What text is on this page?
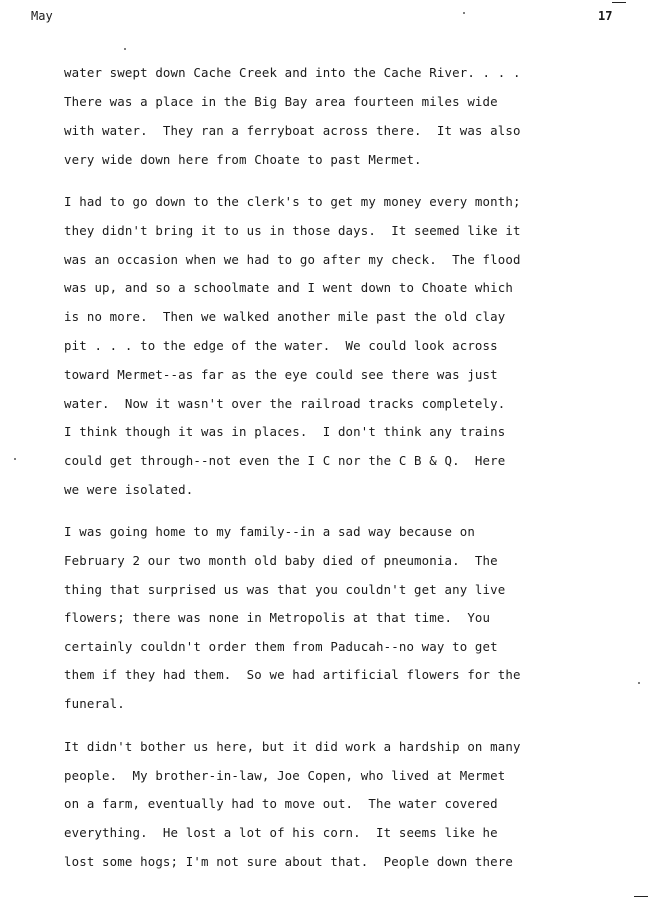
May	17
water swept down Cache Creek and into the Cache River. . . .
There was a place in the Big Bay area fourteen miles wide
with water.  They ran a ferryboat across there.  It was also
very wide down here from Choate to past Mermet.
I had to go down to the clerk's to get my money every month;
they didn't bring it to us in those days.  It seemed like it
was an occasion when we had to go after my check.  The flood
was up, and so a schoolmate and I went down to Choate which
is no more.  Then we walked another mile past the old clay
pit . . . to the edge of the water.  We could look across
toward Mermet--as far as the eye could see there was just
water.  Now it wasn't over the railroad tracks completely.
I think though it was in places.  I don't think any trains
could get through--not even the I C nor the C B & Q.  Here
we were isolated.
I was going home to my family--in a sad way because on
February 2 our two month old baby died of pneumonia.  The
thing that surprised us was that you couldn't get any live
flowers; there was none in Metropolis at that time.  You
certainly couldn't order them from Paducah--no way to get
them if they had them.  So we had artificial flowers for the
funeral.
It didn't bother us here, but it did work a hardship on many
people.  My brother-in-law, Joe Copen, who lived at Mermet
on a farm, eventually had to move out.  The water covered
everything.  He lost a lot of his corn.  It seems like he
lost some hogs; I'm not sure about that.  People down there
